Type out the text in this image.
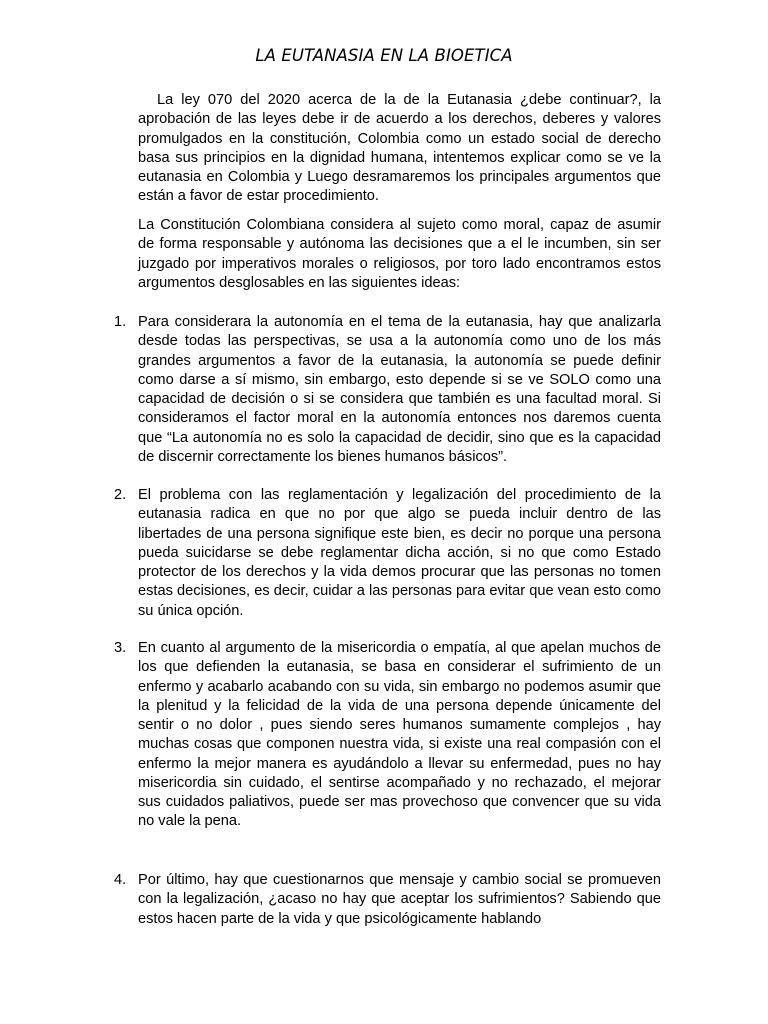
LA EUTANASIA EN LA BIOETICA

La ley 070 del 2020 acerca de la de la Eutanasia ¿debe continuar?, la aprobación de las leyes debe ir de acuerdo a los derechos, deberes y valores promulgados en la constitución, Colombia como un estado social de derecho basa sus principios en la dignidad humana, intentemos explicar como se ve la eutanasia en Colombia y Luego desramaremos los principales argumentos que están a favor de estar procedimiento.

La Constitución Colombiana considera al sujeto como moral, capaz de asumir de forma responsable y autónoma las decisiones que a el le incumben, sin ser juzgado por imperativos morales o religiosos, por toro lado encontramos estos argumentos desglosables en las siguientes ideas:

1. Para considerara la autonomía en el tema de la eutanasia, hay que analizarla desde todas las perspectivas, se usa a la autonomía como uno de los más grandes argumentos a favor de la eutanasia, la autonomía se puede definir como darse a sí mismo, sin embargo, esto depende si se ve SOLO como una capacidad de decisión o si se considera que también es una facultad moral. Si consideramos el factor moral en la autonomía entonces nos daremos cuenta que “La autonomía no es solo la capacidad de decidir, sino que es la capacidad de discernir correctamente los bienes humanos básicos”.

2. El problema con las reglamentación y legalización del procedimiento de la eutanasia radica en que no por que algo se pueda incluir dentro de las libertades de una persona signifique este bien, es decir no porque una persona pueda suicidarse se debe reglamentar dicha acción, si no que como Estado protector de los derechos y la vida demos procurar que las personas no tomen estas decisiones, es decir, cuidar a las personas para evitar que vean esto como su única opción.

3. En cuanto al argumento de la misericordia o empatía, al que apelan muchos de los que defienden la eutanasia, se basa en considerar el sufrimiento de un enfermo y acabarlo acabando con su vida, sin embargo no podemos asumir que la plenitud y la felicidad de la vida de una persona depende únicamente del sentir o no dolor , pues siendo seres humanos sumamente complejos , hay muchas cosas que componen nuestra vida, si existe una real compasión con el enfermo la mejor manera es ayudándolo a llevar su enfermedad, pues no hay misericordia sin cuidado, el sentirse acompañado y no rechazado, el mejorar sus cuidados paliativos, puede ser mas provechoso que convencer que su vida no vale la pena.

4. Por último, hay que cuestionarnos que mensaje y cambio social se promueven con la legalización, ¿acaso no hay que aceptar los sufrimientos? Sabiendo que estos hacen parte de la vida y que psicológicamente hablando
